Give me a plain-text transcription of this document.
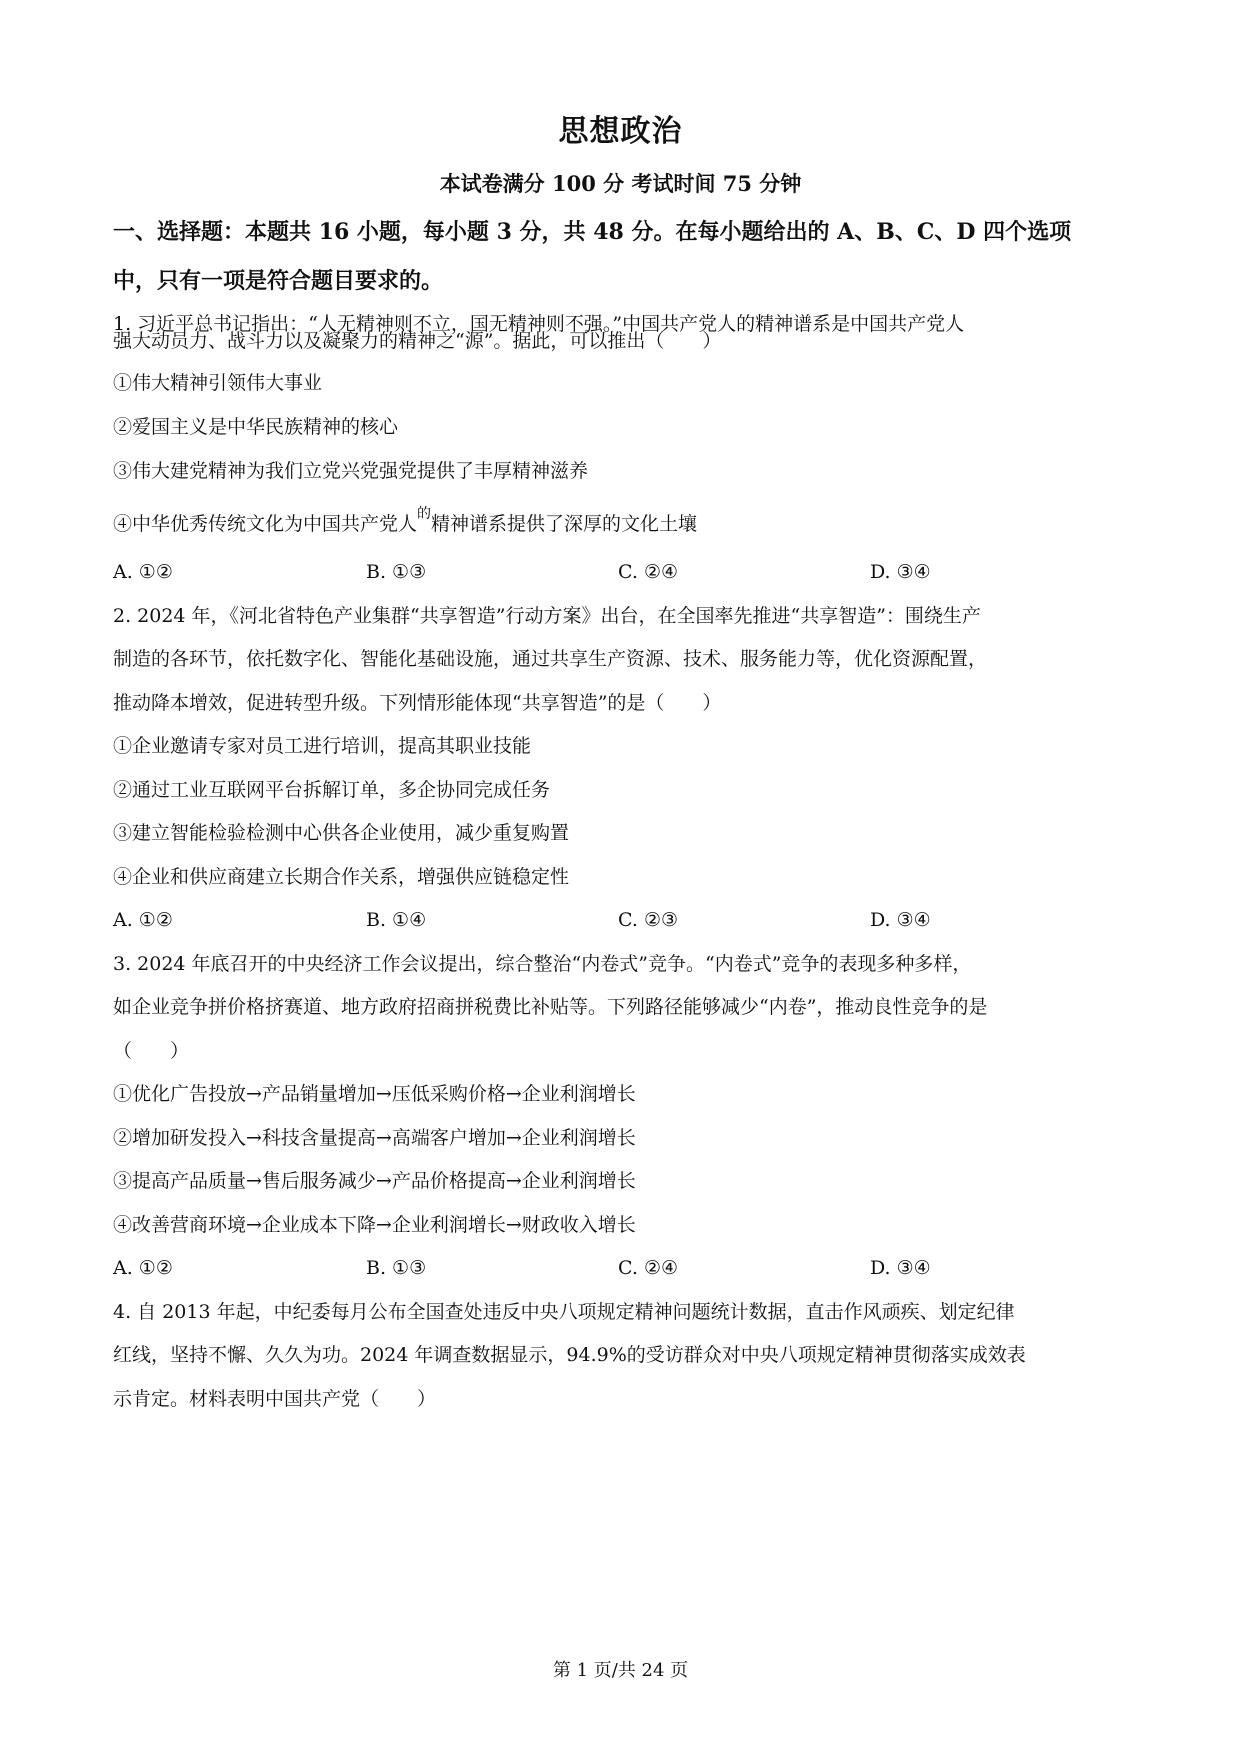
思想政治
本试卷满分 100 分 考试时间 75 分钟
一、选择题：本题共 16 小题，每小题 3 分，共 48 分。在每小题给出的 A、B、C、D 四个选项
中，只有一项是符合题目要求的。
1. 习近平总书记指出：“人无精神则不立，国无精神则不强。”中国共产党人的精神谱系是中国共产党人
强大动员力、战斗力以及凝聚力的精神之“源”。据此，可以推出（　　）
①伟大精神引领伟大事业
②爱国主义是中华民族精神的核心
③伟大建党精神为我们立党兴党强党提供了丰厚精神滋养
④中华优秀传统文化为中国共产党人$^的$精神谱系提供了深厚的文化土壤
A. ①②	B. ①③	C. ②④	D. ③④
2. 2024 年，《河北省特色产业集群“共享智造”行动方案》出台，在全国率先推进“共享智造”：围绕生产
制造的各环节，依托数字化、智能化基础设施，通过共享生产资源、技术、服务能力等，优化资源配置，
推动降本增效，促进转型升级。下列情形能体现“共享智造”的是（　　）
①企业邀请专家对员工进行培训，提高其职业技能
②通过工业互联网平台拆解订单，多企协同完成任务
③建立智能检验检测中心供各企业使用，减少重复购置
④企业和供应商建立长期合作关系，增强供应链稳定性
A. ①②	B. ①④	C. ②③	D. ③④
3. 2024 年底召开的中央经济工作会议提出，综合整治“内卷式”竞争。“内卷式”竞争的表现多种多样，
如企业竞争拼价格挤赛道、地方政府招商拼税费比补贴等。下列路径能够减少“内卷”，推动良性竞争的是
（　　）
①优化广告投放→产品销量增加→压低采购价格→企业利润增长
②增加研发投入→科技含量提高→高端客户增加→企业利润增长
③提高产品质量→售后服务减少→产品价格提高→企业利润增长
④改善营商环境→企业成本下降→企业利润增长→财政收入增长
A. ①②	B. ①③	C. ②④	D. ③④
4. 自 2013 年起，中纪委每月公布全国查处违反中央八项规定精神问题统计数据，直击作风顽疾、划定纪律
红线，坚持不懈、久久为功。2024 年调查数据显示，94.9%的受访群众对中央八项规定精神贯彻落实成效表
示肯定。材料表明中国共产党（　　）
第 1 页/共 24 页
